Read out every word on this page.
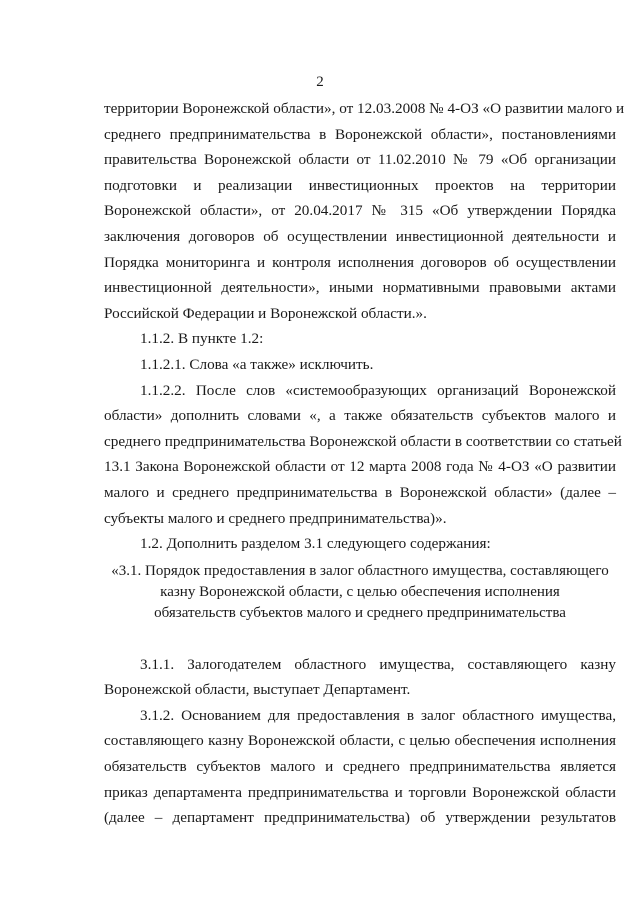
2
территории Воронежской области», от 12.03.2008 № 4-ОЗ «О развитии малого и
среднего предпринимательства в Воронежской области», постановлениями
правительства Воронежской области от 11.02.2010 № 79 «Об организации
подготовки и реализации инвестиционных проектов на территории
Воронежской области», от 20.04.2017 № 315 «Об утверждении Порядка
заключения договоров об осуществлении инвестиционной деятельности и
Порядка мониторинга и контроля исполнения договоров об осуществлении
инвестиционной деятельности», иными нормативными правовыми актами
Российской Федерации и Воронежской области.».
1.1.2. В пункте 1.2:
1.1.2.1. Слова «а также» исключить.
1.1.2.2. После слов «системообразующих организаций Воронежской
области» дополнить словами «, а также обязательств субъектов малого и
среднего предпринимательства Воронежской области в соответствии со статьей
13.1 Закона Воронежской области от 12 марта 2008 года № 4-ОЗ «О развитии
малого и среднего предпринимательства в Воронежской области» (далее –
субъекты малого и среднего предпринимательства)».
1.2. Дополнить разделом 3.1 следующего содержания:
«3.1. Порядок предоставления в залог областного имущества, составляющего
казну Воронежской области, с целью обеспечения исполнения
обязательств субъектов малого и среднего предпринимательства
3.1.1. Залогодателем областного имущества, составляющего казну
Воронежской области, выступает Департамент.
3.1.2. Основанием для предоставления в залог областного имущества,
составляющего казну Воронежской области, с целью обеспечения исполнения
обязательств субъектов малого и среднего предпринимательства является
приказ департамента предпринимательства и торговли Воронежской области
(далее – департамент предпринимательства) об утверждении результатов
